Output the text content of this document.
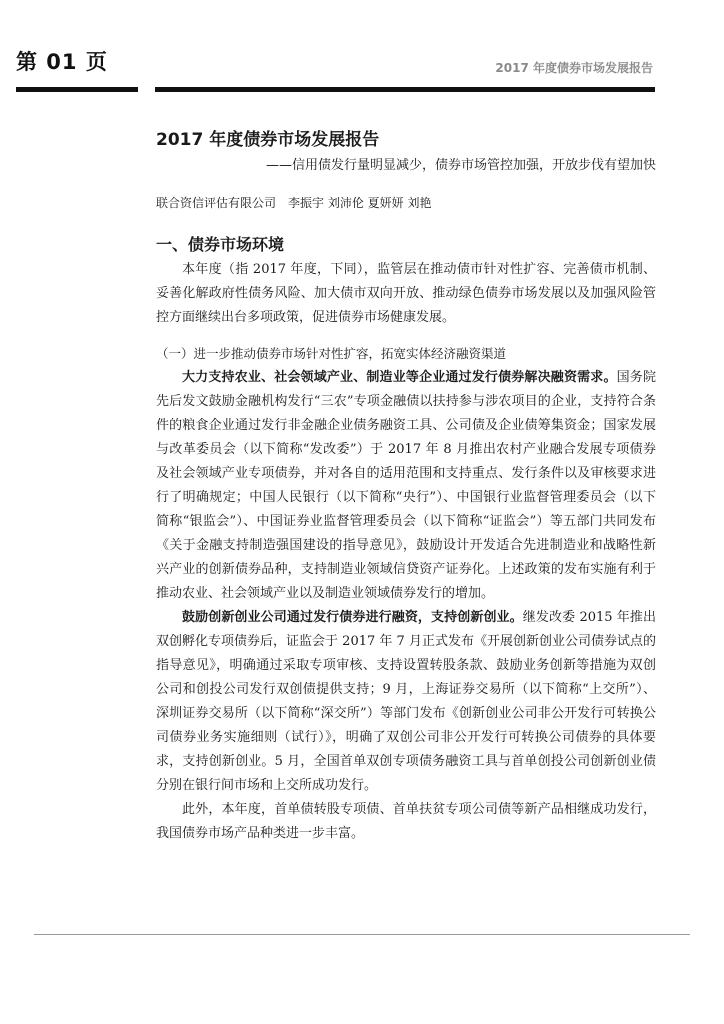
第 01 页	2017 年度债券市场发展报告
2017 年度债券市场发展报告
——信用债发行量明显减少，债券市场管控加强，开放步伐有望加快
联合资信评估有限公司　李振宇 刘沛伦 夏妍妍 刘艳
一、债券市场环境

本年度（指 2017 年度，下同），监管层在推动债市针对性扩容、完善债市机制、妥善化解政府性债务风险、加大债市双向开放、推动绿色债券市场发展以及加强风险管控方面继续出台多项政策，促进债券市场健康发展。

（一）进一步推动债券市场针对性扩容，拓宽实体经济融资渠道

大力支持农业、社会领域产业、制造业等企业通过发行债券解决融资需求。国务院先后发文鼓励金融机构发行“三农”专项金融债以扶持参与涉农项目的企业，支持符合条件的粮食企业通过发行非金融企业债务融资工具、公司债及企业债筹集资金；国家发展与改革委员会（以下简称“发改委”）于 2017 年 8 月推出农村产业融合发展专项债券及社会领域产业专项债券，并对各自的适用范围和支持重点、发行条件以及审核要求进行了明确规定；中国人民银行（以下简称“央行”）、中国银行业监督管理委员会（以下简称“银监会”）、中国证券业监督管理委员会（以下简称“证监会”）等五部门共同发布《关于金融支持制造强国建设的指导意见》，鼓励设计开发适合先进制造业和战略性新兴产业的创新债券品种，支持制造业领域信贷资产证券化。上述政策的发布实施有利于推动农业、社会领域产业以及制造业领域债券发行的增加。

鼓励创新创业公司通过发行债券进行融资，支持创新创业。继发改委 2015 年推出双创孵化专项债券后，证监会于 2017 年 7 月正式发布《开展创新创业公司债券试点的指导意见》，明确通过采取专项审核、支持设置转股条款、鼓励业务创新等措施为双创公司和创投公司发行双创债提供支持；9 月，上海证券交易所（以下简称“上交所”）、深圳证券交易所（以下简称“深交所”）等部门发布《创新创业公司非公开发行可转换公司债券业务实施细则（试行）》，明确了双创公司非公开发行可转换公司债券的具体要求，支持创新创业。5 月，全国首单双创专项债务融资工具与首单创投公司创新创业债分别在银行间市场和上交所成功发行。

此外，本年度，首单债转股专项债、首单扶贫专项公司债等新产品相继成功发行，我国债券市场产品种类进一步丰富。
